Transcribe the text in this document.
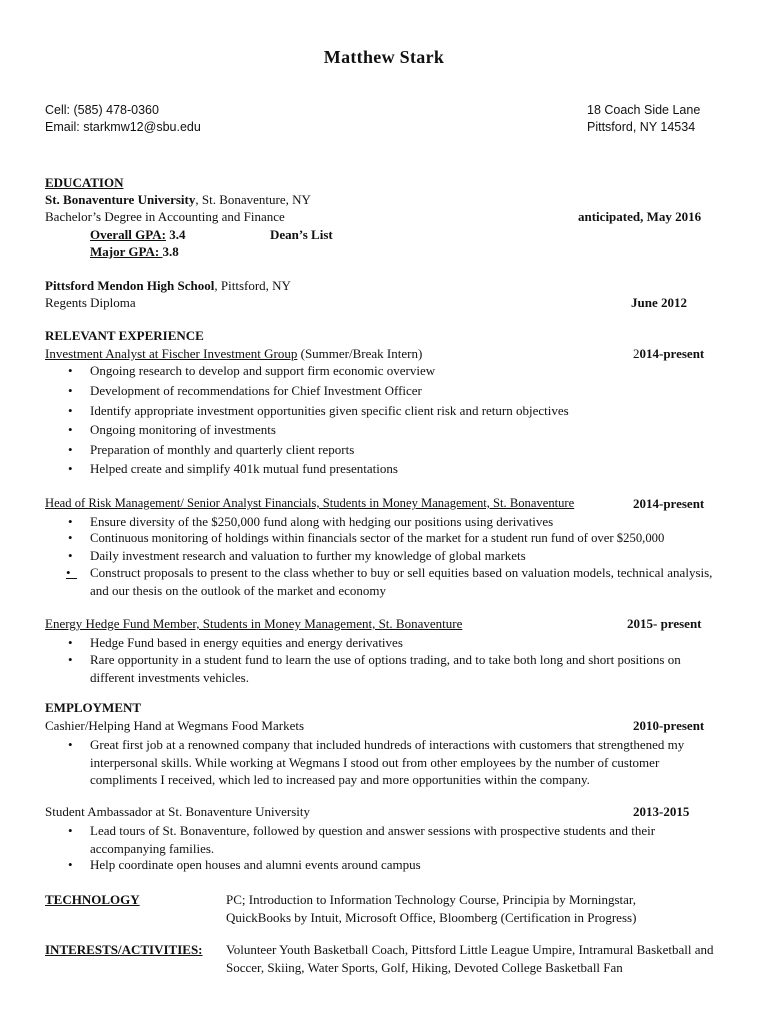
Matthew Stark
Cell: (585) 478-0360
Email: starkmw12@sbu.edu
18 Coach Side Lane
Pittsford, NY 14534
EDUCATION
St. Bonaventure University, St. Bonaventure, NY
Bachelor’s Degree in Accounting and Finance	anticipated, May 2016
Overall GPA: 3.4	Dean’s List
Major GPA: 3.8
Pittsford Mendon High School, Pittsford, NY
Regents Diploma	June 2012
RELEVANT EXPERIENCE
Investment Analyst at Fischer Investment Group (Summer/Break Intern)	2014-present
• Ongoing research to develop and support firm economic overview
• Development of recommendations for Chief Investment Officer
• Identify appropriate investment opportunities given specific client risk and return objectives
• Ongoing monitoring of investments
• Preparation of monthly and quarterly client reports
• Helped create and simplify 401k mutual fund presentations
Head of Risk Management/ Senior Analyst Financials, Students in Money Management, St. Bonaventure	2014-present
• Ensure diversity of the $250,000 fund along with hedging our positions using derivatives
• Continuous monitoring of holdings within financials sector of the market for a student run fund of over $250,000
• Daily investment research and valuation to further my knowledge of global markets
• Construct proposals to present to the class whether to buy or sell equities based on valuation models, technical analysis, and our thesis on the outlook of the market and economy
Energy Hedge Fund Member, Students in Money Management, St. Bonaventure	2015- present
• Hedge Fund based in energy equities and energy derivatives
• Rare opportunity in a student fund to learn the use of options trading, and to take both long and short positions on different investments vehicles.
EMPLOYMENT
Cashier/Helping Hand at Wegmans Food Markets	2010-present
• Great first job at a renowned company that included hundreds of interactions with customers that strengthened my interpersonal skills. While working at Wegmans I stood out from other employees by the number of customer compliments I received, which led to increased pay and more opportunities within the company.
Student Ambassador at St. Bonaventure University	2013-2015
• Lead tours of St. Bonaventure, followed by question and answer sessions with prospective students and their accompanying families.
• Help coordinate open houses and alumni events around campus
TECHNOLOGY	PC; Introduction to Information Technology Course, Principia by Morningstar, QuickBooks by Intuit, Microsoft Office, Bloomberg (Certification in Progress)
INTERESTS/ACTIVITIES: Volunteer Youth Basketball Coach, Pittsford Little League Umpire, Intramural Basketball and Soccer, Skiing, Water Sports, Golf, Hiking, Devoted College Basketball Fan
